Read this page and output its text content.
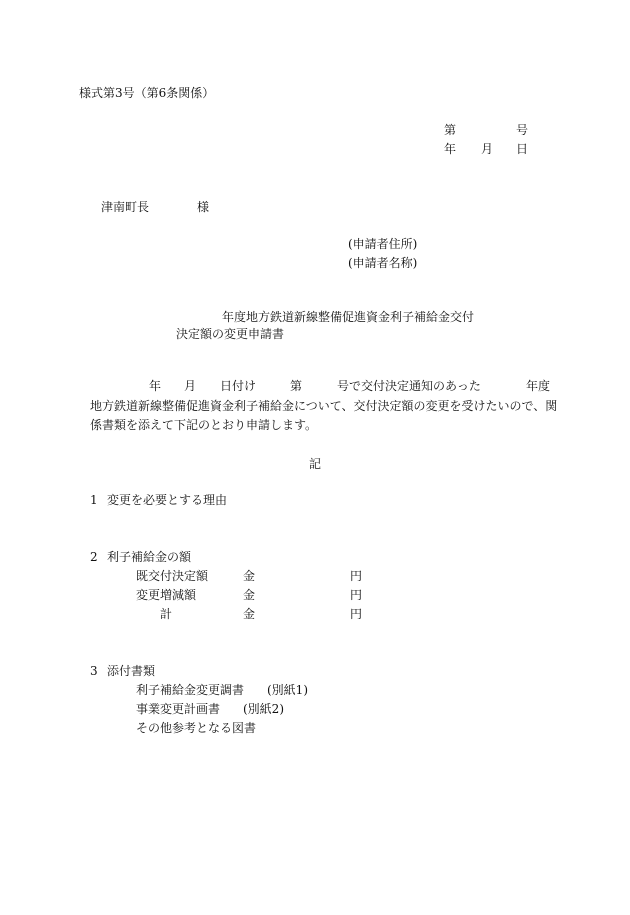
様式第3号（第6条関係）
第	号
年 月 日
津南町長	様
(申請者住所)
(申請者名称)
年度地方鉄道新線整備促進資金利子補給金交付
決定額の変更申請書
年 月 日付け	第	号で交付決定通知のあった	年度
地方鉄道新線整備促進資金利子補給金について、交付決定額の変更を受けたいので、関
係書類を添えて下記のとおり申請します。
記
1 変更を必要とする理由
2 利子補給金の額
既交付決定額	金	円
変更増減額	金	円
計	金	円
3 添付書類
利子補給金変更調書 (別紙1)
事業変更計画書 (別紙2)
その他参考となる図書
